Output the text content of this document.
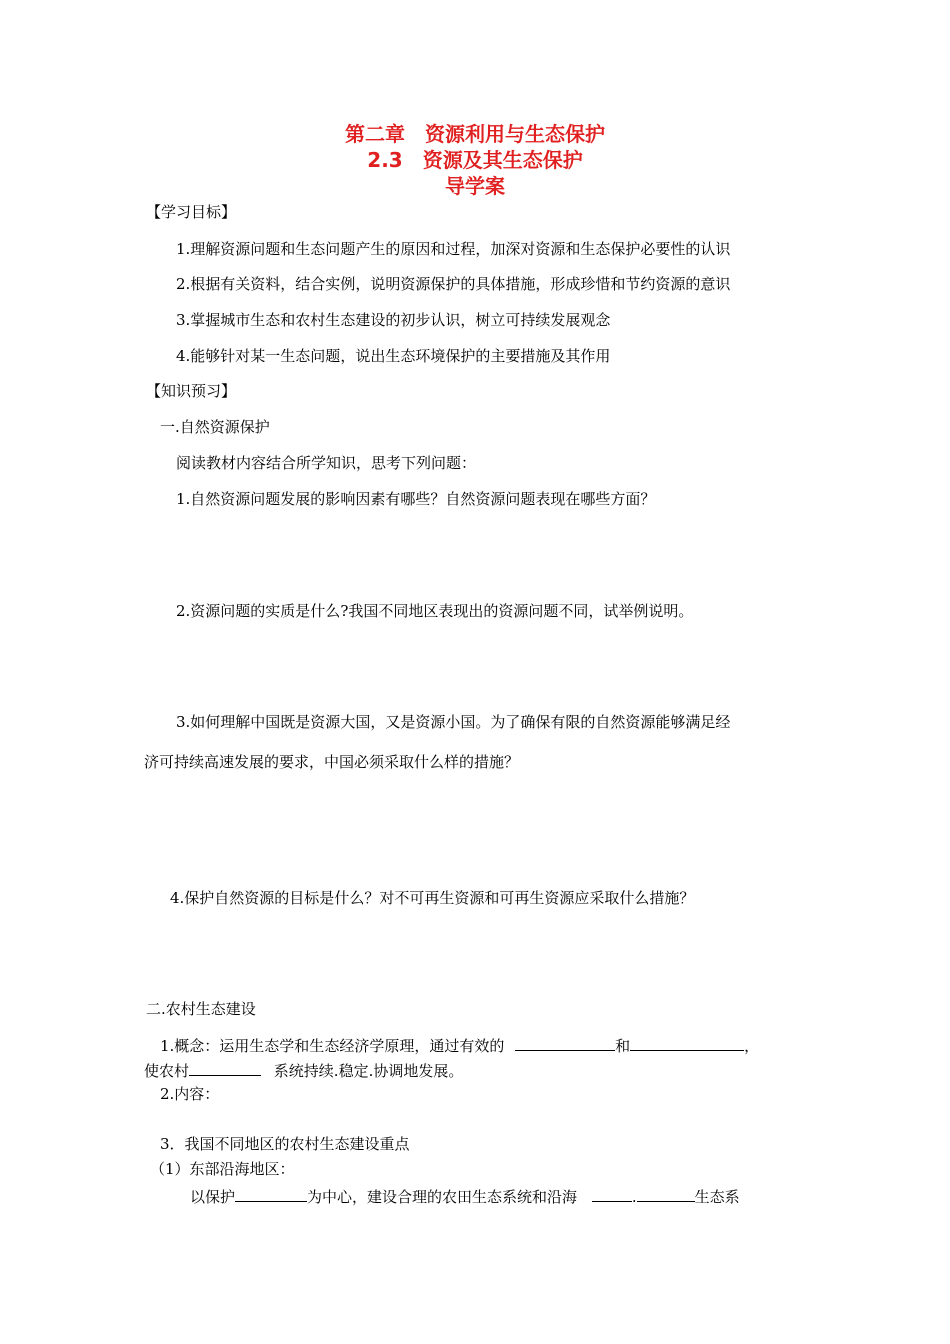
第二章　资源利用与生态保护
2.3　资源及其生态保护
导学案
【学习目标】
1.理解资源问题和生态问题产生的原因和过程，加深对资源和生态保护必要性的认识
2.根据有关资料，结合实例，说明资源保护的具体措施，形成珍惜和节约资源的意识
3.掌握城市生态和农村生态建设的初步认识，树立可持续发展观念
4.能够针对某一生态问题，说出生态环境保护的主要措施及其作用
【知识预习】
一.自然资源保护
阅读教材内容结合所学知识，思考下列问题：
1.自然资源问题发展的影响因素有哪些？自然资源问题表现在哪些方面？
2.资源问题的实质是什么?我国不同地区表现出的资源问题不同，试举例说明。
3.如何理解中国既是资源大国，又是资源小国。为了确保有限的自然资源能够满足经
济可持续高速发展的要求，中国必须采取什么样的措施？
4.保护自然资源的目标是什么？对不可再生资源和可再生资源应采取什么措施？
二.农村生态建设
1.概念：运用生态学和生态经济学原理，通过有效的	和	，
使农村	系统持续.稳定.协调地发展。
2.内容：
3．我国不同地区的农村生态建设重点
（1）东部沿海地区：
以保护	为中心，建设合理的农田生态系统和沿海	.	生态系
